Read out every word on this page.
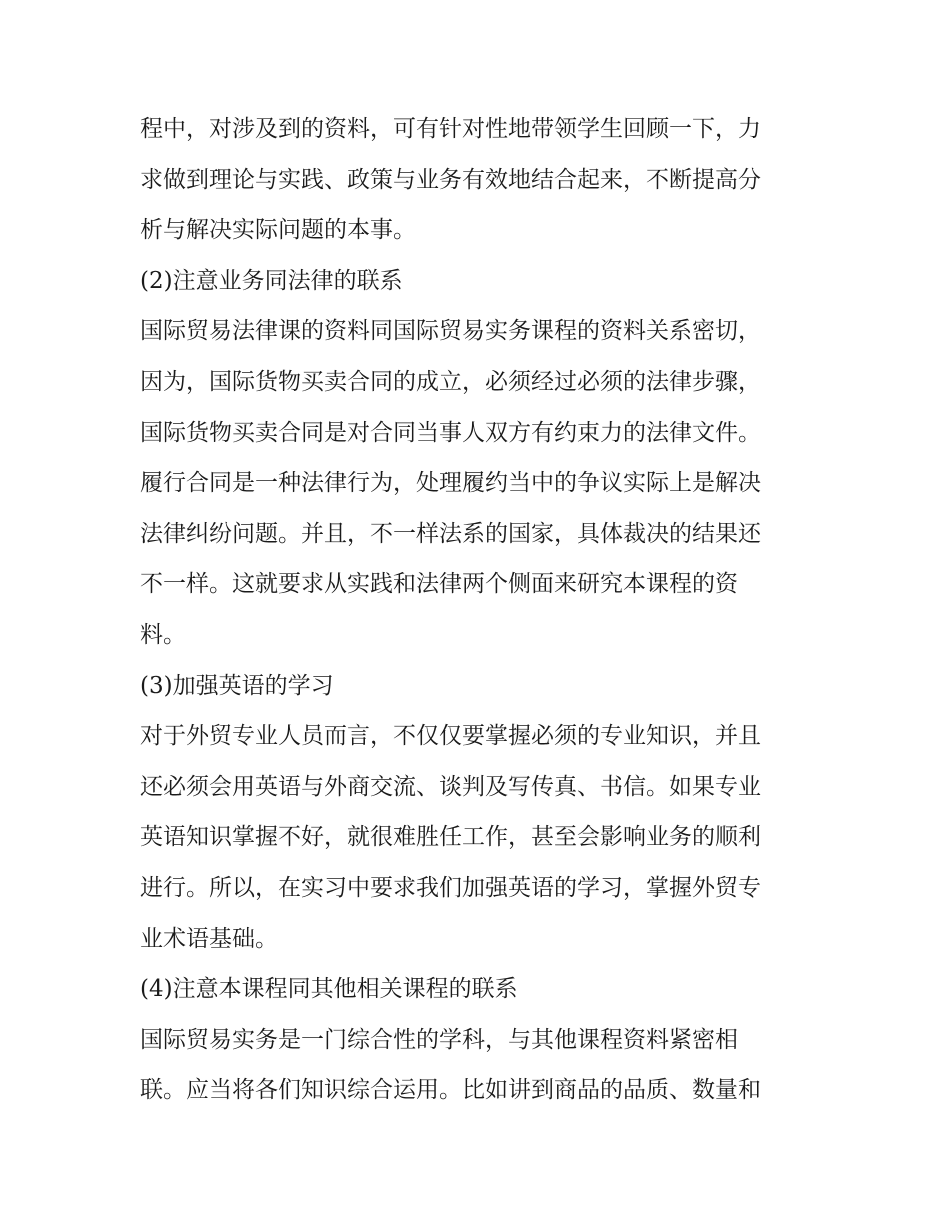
程中，对涉及到的资料，可有针对性地带领学生回顾一下，力
求做到理论与实践、政策与业务有效地结合起来，不断提高分
析与解决实际问题的本事。
(2)注意业务同法律的联系
国际贸易法律课的资料同国际贸易实务课程的资料关系密切，
因为，国际货物买卖合同的成立，必须经过必须的法律步骤，
国际货物买卖合同是对合同当事人双方有约束力的法律文件。
履行合同是一种法律行为，处理履约当中的争议实际上是解决
法律纠纷问题。并且，不一样法系的国家，具体裁决的结果还
不一样。这就要求从实践和法律两个侧面来研究本课程的资
料。
(3)加强英语的学习
对于外贸专业人员而言，不仅仅要掌握必须的专业知识，并且
还必须会用英语与外商交流、谈判及写传真、书信。如果专业
英语知识掌握不好，就很难胜任工作，甚至会影响业务的顺利
进行。所以，在实习中要求我们加强英语的学习，掌握外贸专
业术语基础。
(4)注意本课程同其他相关课程的联系
国际贸易实务是一门综合性的学科，与其他课程资料紧密相
联。应当将各们知识综合运用。比如讲到商品的品质、数量和
